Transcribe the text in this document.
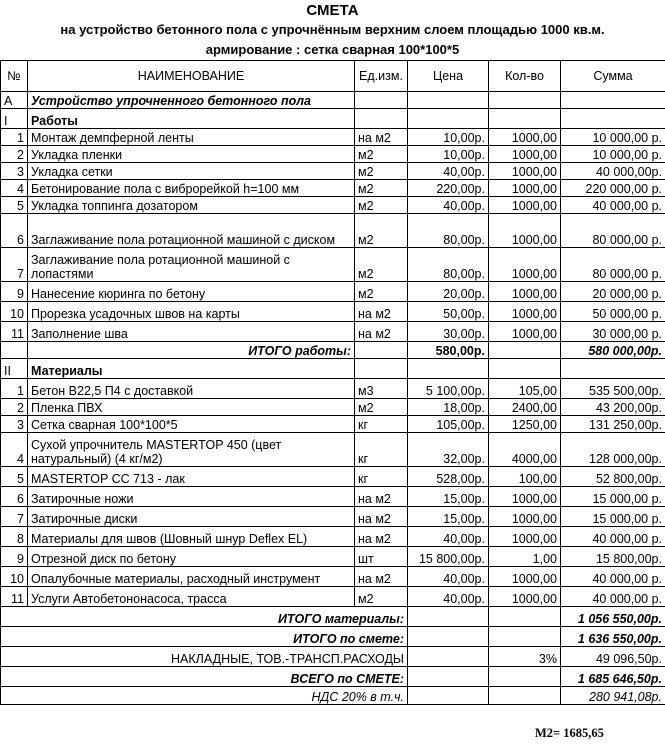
СМЕТА
на устройство бетонного пола с упрочнённым верхним слоем площадью 1000 кв.м.
армирование : сетка сварная 100*100*5
№	НАИМЕНОВАНИЕ	Ед.изм.	Цена	Кол-во	Сумма
А	Устройство упрочненного бетонного пола				
I	Работы				
1	Монтаж демпферной ленты	на м2	10,00р.	1000,00	10 000,00 р.
2	Укладка пленки	м2	10,00р.	1000,00	10 000,00 р.
3	Укладка сетки	м2	40,00р.	1000,00	40 000,00р.
4	Бетонирование пола с виброрейкой h=100 мм	м2	220,00р.	1000,00	220 000,00 р.
5	Укладка топпинга дозатором	м2	40,00р.	1000,00	40 000,00 р.
6	Заглаживание пола ротационной машиной с диском	м2	80,00р.	1000,00	80 000,00 р.
7	Заглаживание пола ротационной машиной с лопастями	м2	80,00р.	1000,00	80 000,00 р.
9	Нанесение кюринга по бетону	м2	20,00р.	1000,00	20 000,00 р.
10	Прорезка усадочных швов на карты	на м2	50,00р.	1000,00	50 000,00 р.
11	Заполнение шва	на м2	30,00р.	1000,00	30 000,00 р.
	ИТОГО работы:		580,00р.		580 000,00р.
II	Материалы				
1	Бетон В22,5 П4 с доставкой	м3	5 100,00р.	105,00	535 500,00р.
2	Пленка ПВХ	м2	18,00р.	2400,00	43 200,00р.
3	Сетка сварная 100*100*5	кг	105,00р.	1250,00	131 250,00р.
4	Сухой упрочнитель MASTERTOP 450 (цвет натуральный) (4 кг/м2)	кг	32,00р.	4000,00	128 000,00р.
5	MASTERTOP CC 713 - лак	кг	528,00р.	100,00	52 800,00р.
6	Затирочные ножи	на м2	15,00р.	1000,00	15 000,00 р.
7	Затирочные диски	на м2	15,00р.	1000,00	15 000,00 р.
8	Материалы для швов (Шовный шнур Deflex EL)	на м2	40,00р.	1000,00	40 000,00 р.
9	Отрезной диск по бетону	шт	15 800,00р.	1,00	15 800,00р.
10	Опалубочные материалы, расходный инструмент	на м2	40,00р.	1000,00	40 000,00 р.
11	Услуги Автобетононасоса, трасса	м2	40,00р.	1000,00	40 000,00 р.
ИТОГО материалы:					1 056 550,00р.
ИТОГО по смете:					1 636 550,00р.
НАКЛАДНЫЕ, ТОВ.-ТРАНСП.РАСХОДЫ				3%	49 096,50р.
ВСЕГО по СМЕТЕ:					1 685 646,50р.
НДС 20% в т.ч.					280 941,08р.
М2= 1685,65
